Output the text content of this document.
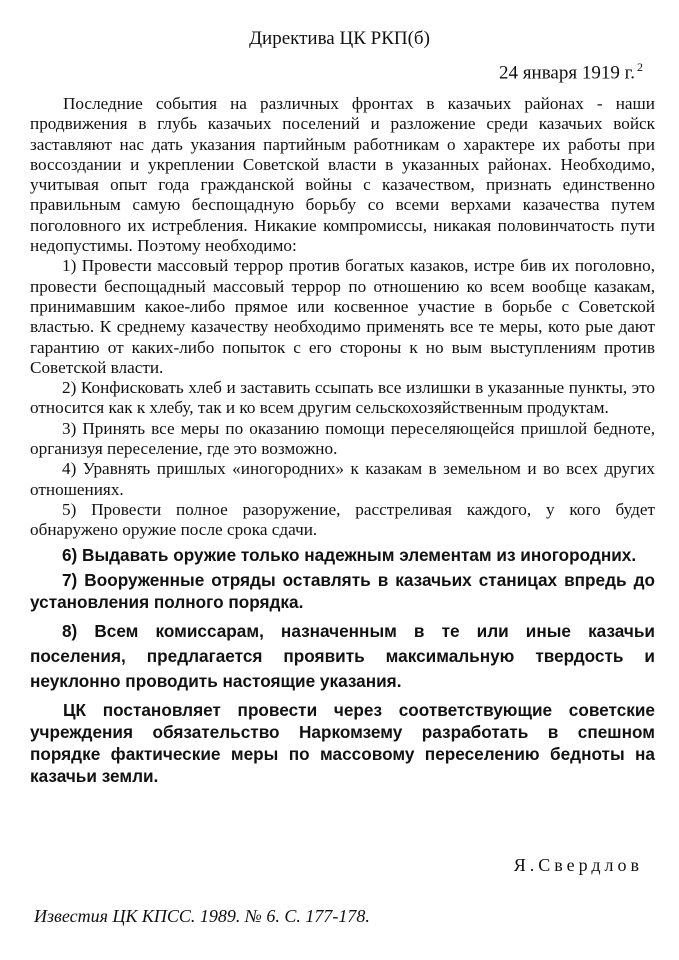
Директива ЦК РКП(б)
24 января 1919 г. $^2$

Последние события на различных фронтах в казачьих районах - наши продвижения в глубь казачьих поселений и разложение среди казачьих войск заставляют нас дать указания партийным работникам о характере их работы при воссоздании и укреплении Советской власти в указанных районах. Необходимо, учитывая опыт года гражданской войны с казачеством, признать единственно правильным самую беспощадную борьбу со всеми верхами казачества путем поголовного их истребления. Никакие компромиссы, никакая половинчатость пути недопустимы. Поэтому необходимо:

1) Провести массовый террор против богатых казаков, истре бив их поголовно, провести беспощадный массовый террор по отношению ко всем вообще казакам, принимавшим какое-либо прямое или косвенное участие в борьбе с Советской властью. К среднему казачеству необходимо применять все те меры, кото рые дают гарантию от каких-либо попыток с его стороны к но вым выступлениям против Советской власти.

2) Конфисковать хлеб и заставить ссыпать все излишки в указанные пункты, это относится как к хлебу, так и ко всем другим сельскохозяйственным продуктам.

3) Принять все меры по оказанию помощи переселяющейся пришлой бедноте, организуя переселение, где это возможно.

4) Уравнять пришлых «иногородних» к казакам в земельном и во всех других отношениях.

5) Провести полное разоружение, расстреливая каждого, у кого будет обнаружено оружие после срока сдачи.

6) Выдавать оружие только надежным элементам из иногородних.

7) Вооруженные отряды оставлять в казачьих станицах впредь до установления полного порядка.

8) Всем комиссарам, назначенным в те или иные казачьи поселения, предлагается проявить максимальную твердость и неуклонно проводить настоящие указания.

ЦК постановляет провести через соответствующие советские учреждения обязательство Наркомзему разработать в спешном порядке фактические меры по массовому переселению бедноты на казачьи земли.

Я.Свердлов
Известия ЦК КПСС. 1989. № 6. С. 177-178.
